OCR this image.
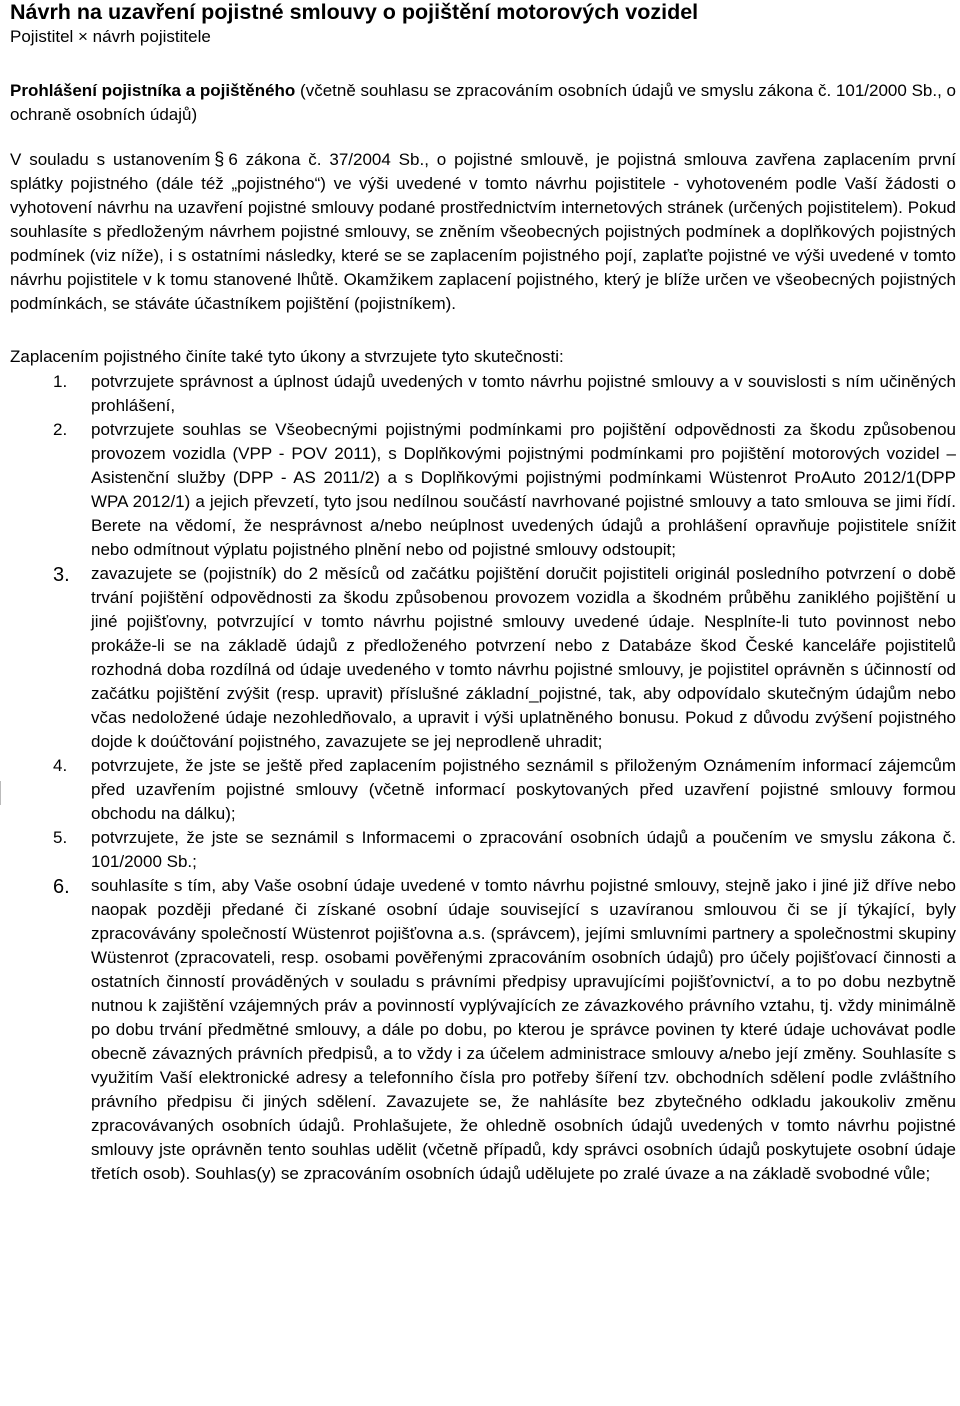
Návrh na uzavření pojistné smlouvy o pojištění motorových vozidel
Pojistitel × návrh pojistitele

Prohlášení pojistníka a pojištěného (včetně souhlasu se zpracováním osobních údajů ve smyslu zákona č. 101/2000 Sb., o ochraně osobních údajů)

V souladu s ustanovením § 6 zákona č. 37/2004 Sb., o pojistné smlouvě, je pojistná smlouva zavřena zaplacením první splátky pojistného (dále též „pojistného“) ve výši uvedené v tomto návrhu pojistitele - vyhotoveném podle Vaší žádosti o vyhotovení návrhu na uzavření pojistné smlouvy podané prostřednictvím internetových stránek (určených pojistitelem). Pokud souhlasíte s předloženým návrhem pojistné smlouvy, se zněním všeobecných pojistných podmínek a doplňkových pojistných podmínek (viz níže), i s ostatními následky, které se se zaplacením pojistného pojí, zaplaťte pojistné ve výši uvedené v tomto návrhu pojistitele v k tomu stanovené lhůtě. Okamžikem zaplacení pojistného, který je blíže určen ve všeobecných pojistných podmínkách, se stáváte účastníkem pojištění (pojistníkem).

Zaplacením pojistného činíte také tyto úkony a stvrzujete tyto skutečnosti:

1.	potvrzujete správnost a úplnost údajů uvedených v tomto návrhu pojistné smlouvy a v souvislosti s ním učiněných prohlášení,
2.	potvrzujete souhlas se Všeobecnými pojistnými podmínkami pro pojištění odpovědnosti za škodu způsobenou provozem vozidla (VPP - POV 2011), s Doplňkovými pojistnými podmínkami pro pojištění motorových vozidel – Asistenční služby (DPP - AS 2011/2) a s Doplňkovými pojistnými podmínkami Wüstenrot ProAuto 2012/1(DPP WPA 2012/1) a jejich převzetí, tyto jsou nedílnou součástí navrhované pojistné smlouvy a tato smlouva se jimi řídí. Berete na vědomí, že nesprávnost a/nebo neúplnost uvedených údajů a prohlášení opravňuje pojistitele snížit nebo odmítnout výplatu pojistného plnění nebo od pojistné smlouvy odstoupit;
3.	zavazujete se (pojistník) do 2 měsíců od začátku pojištění doručit pojistiteli originál posledního potvrzení o době trvání pojištění odpovědnosti za škodu způsobenou provozem vozidla a škodném průběhu zaniklého pojištění u jiné pojišťovny, potvrzující v tomto návrhu pojistné smlouvy uvedené údaje. Nesplníte-li tuto povinnost nebo prokáže-li se na základě údajů z předloženého potvrzení nebo z Databáze škod České kanceláře pojistitelů rozhodná doba rozdílná od údaje uvedeného v tomto návrhu pojistné smlouvy, je pojistitel oprávněn s účinností od začátku pojištění zvýšit (resp. upravit) příslušné základní_pojistné, tak, aby odpovídalo skutečným údajům nebo včas nedoložené údaje nezohledňovalo, a upravit i výši uplatněného bonusu. Pokud z důvodu zvýšení pojistného dojde k doúčtování pojistného, zavazujete se jej neprodleně uhradit;
4.	potvrzujete, že jste se ještě před zaplacením pojistného seznámil s přiloženým Oznámením informací zájemcům před uzavřením pojistné smlouvy (včetně informací poskytovaných před uzavření pojistné smlouvy formou obchodu na dálku);
5.	potvrzujete, že jste se seznámil s Informacemi o zpracování osobních údajů a poučením ve smyslu zákona č. 101/2000 Sb.;
6.	souhlasíte s tím, aby Vaše osobní údaje uvedené v tomto návrhu pojistné smlouvy, stejně jako i jiné již dříve nebo naopak později předané či získané osobní údaje související s uzavíranou smlouvou či se jí týkající, byly zpracovávány společností Wüstenrot pojišťovna a.s. (správcem), jejími smluvními partnery a společnostmi skupiny Wüstenrot (zpracovateli, resp. osobami pověřenými zpracováním osobních údajů) pro účely pojišťovací činnosti a ostatních činností prováděných v souladu s právními předpisy upravujícími pojišťovnictví, a to po dobu nezbytně nutnou k zajištění vzájemných práv a povinností vyplývajících ze závazkového právního vztahu, tj. vždy minimálně po dobu trvání předmětné smlouvy, a dále po dobu, po kterou je správce povinen ty které údaje uchovávat podle obecně závazných právních předpisů, a to vždy i za účelem administrace smlouvy a/nebo její změny. Souhlasíte s využitím Vaší elektronické adresy a telefonního čísla pro potřeby šíření tzv. obchodních sdělení podle zvláštního právního předpisu či jiných sdělení. Zavazujete se, že nahlásíte bez zbytečného odkladu jakoukoliv změnu zpracovávaných osobních údajů. Prohlašujete, že ohledně osobních údajů uvedených v tomto návrhu pojistné smlouvy jste oprávněn tento souhlas udělit (včetně případů, kdy správci osobních údajů poskytujete osobní údaje třetích osob). Souhlas(y) se zpracováním osobních údajů udělujete po zralé úvaze a na základě svobodné vůle;
